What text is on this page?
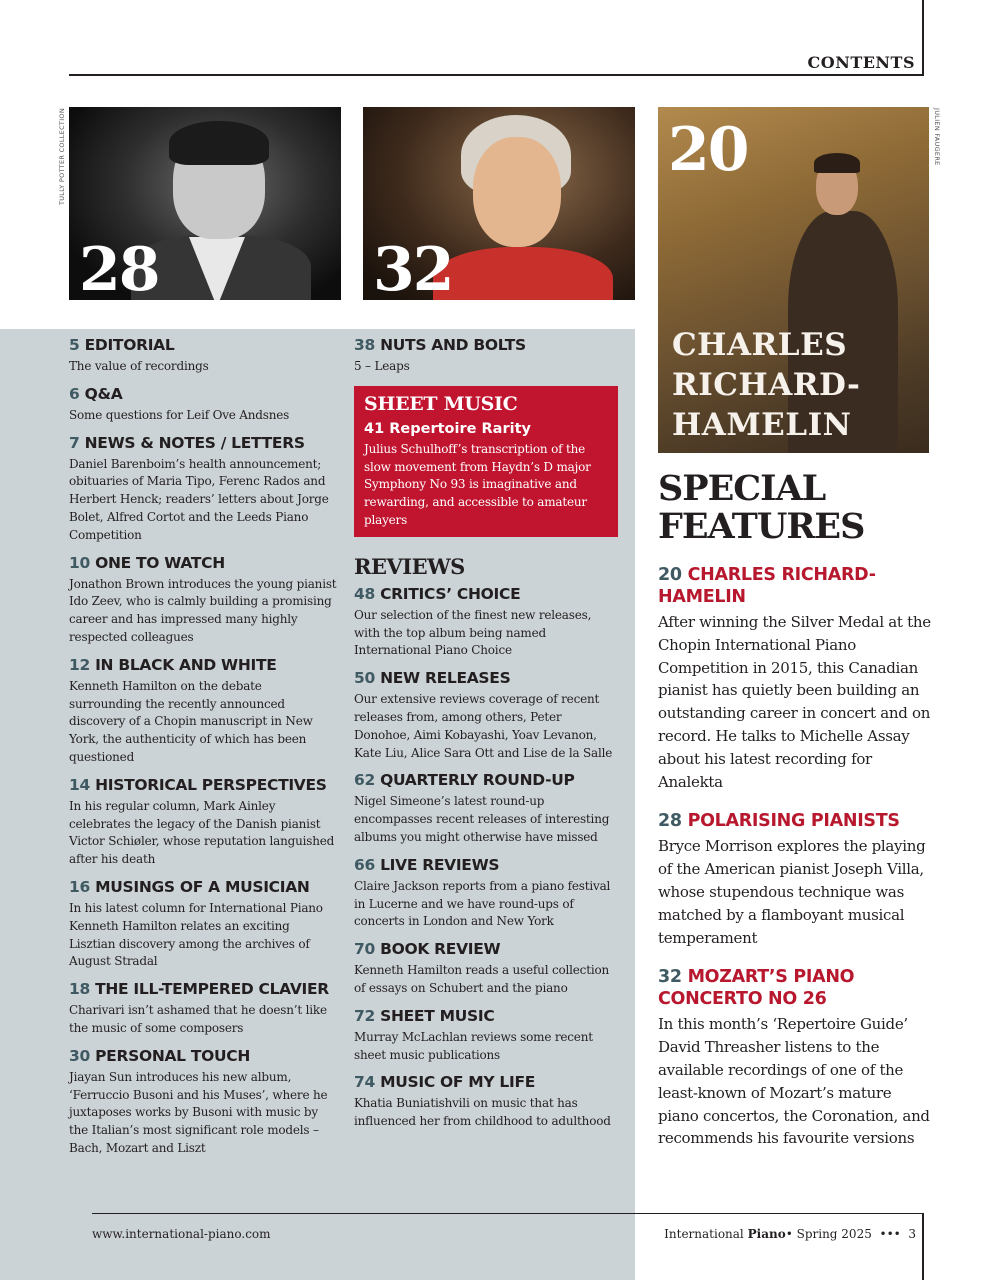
CONTENTS
TULLY POTTER COLLECTION	JULIEN FAUGERE
28	32
20
CHARLES
RICHARD-
HAMELIN
5 EDITORIAL
The value of recordings
6 Q&A
Some questions for Leif Ove Andsnes
7 NEWS & NOTES / LETTERS
Daniel Barenboim’s health announcement; obituaries of Maria Tipo, Ferenc Rados and Herbert Henck; readers’ letters about Jorge Bolet, Alfred Cortot and the Leeds Piano Competition
10 ONE TO WATCH
Jonathon Brown introduces the young pianist Ido Zeev, who is calmly building a promising career and has impressed many highly respected colleagues
12 IN BLACK AND WHITE
Kenneth Hamilton on the debate surrounding the recently announced discovery of a Chopin manuscript in New York, the authenticity of which has been questioned
14 HISTORICAL PERSPECTIVES
In his regular column, Mark Ainley celebrates the legacy of the Danish pianist Victor Schiøler, whose reputation languished after his death
16 MUSINGS OF A MUSICIAN
In his latest column for International Piano Kenneth Hamilton relates an exciting Lisztian discovery among the archives of August Stradal
18 THE ILL-TEMPERED CLAVIER
Charivari isn’t ashamed that he doesn’t like the music of some composers
30 PERSONAL TOUCH
Jiayan Sun introduces his new album, ‘Ferruccio Busoni and his Muses’, where he juxtaposes works by Busoni with music by the Italian’s most significant role models – Bach, Mozart and Liszt
38 NUTS AND BOLTS
5 – Leaps
SHEET MUSIC
41 Repertoire Rarity
Julius Schulhoff’s transcription of the slow movement from Haydn’s D major Symphony No 93 is imaginative and rewarding, and accessible to amateur players
REVIEWS
48 CRITICS’ CHOICE
Our selection of the finest new releases, with the top album being named International Piano Choice
50 NEW RELEASES
Our extensive reviews coverage of recent releases from, among others, Peter Donohoe, Aimi Kobayashi, Yoav Levanon, Kate Liu, Alice Sara Ott and Lise de la Salle
62 QUARTERLY ROUND-UP
Nigel Simeone’s latest round-up encompasses recent releases of interesting albums you might otherwise have missed
66 LIVE REVIEWS
Claire Jackson reports from a piano festival in Lucerne and we have round-ups of concerts in London and New York
70 BOOK REVIEW
Kenneth Hamilton reads a useful collection of essays on Schubert and the piano
72 SHEET MUSIC
Murray McLachlan reviews some recent sheet music publications
74 MUSIC OF MY LIFE
Khatia Buniatishvili on music that has influenced her from childhood to adulthood
SPECIAL
FEATURES
20 CHARLES RICHARD-HAMELIN
After winning the Silver Medal at the Chopin International Piano Competition in 2015, this Canadian pianist has quietly been building an outstanding career in concert and on record. He talks to Michelle Assay about his latest recording for Analekta
28 POLARISING PIANISTS
Bryce Morrison explores the playing of the American pianist Joseph Villa, whose stupendous technique was matched by a flamboyant musical temperament
32 MOZART’S PIANO CONCERTO NO 26
In this month’s ‘Repertoire Guide’ David Threasher listens to the available recordings of one of the least-known of Mozart’s mature piano concertos, the Coronation, and recommends his favourite versions
www.international-piano.com	International Piano• Spring 2025 ••• 3
